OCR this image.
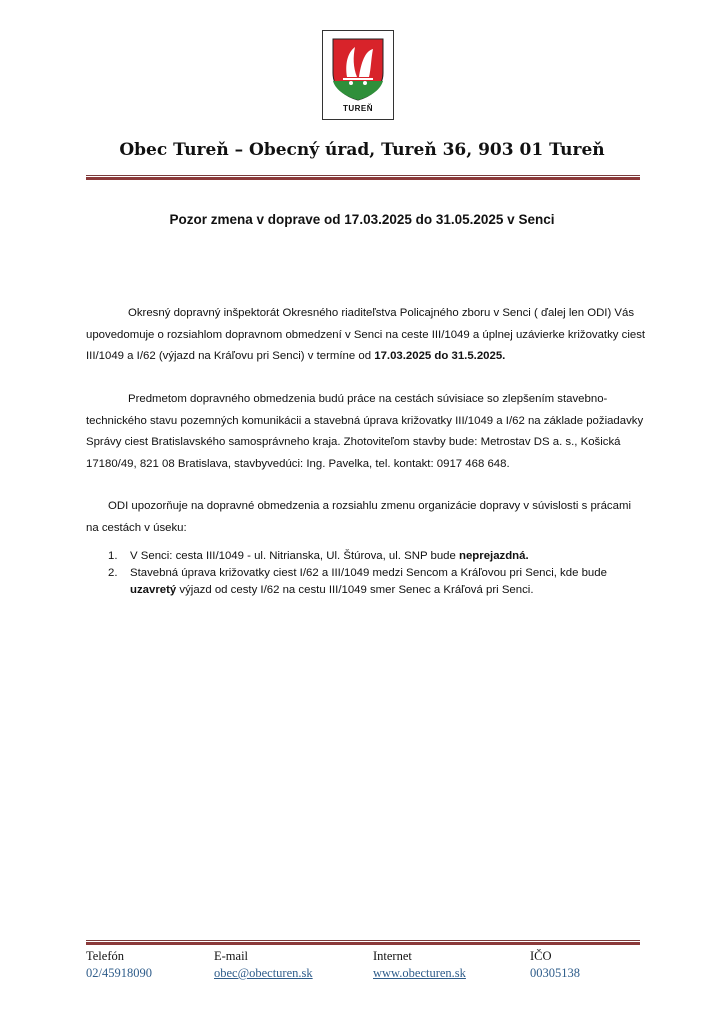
TUREŇ
Obec Tureň – Obecný úrad, Tureň 36, 903 01 Tureň
Pozor zmena v doprave od 17.03.2025 do 31.05.2025 v Senci

Okresný dopravný inšpektorát Okresného riaditeľstva Policajného zboru v Senci ( ďalej len ODI) Vás upovedomuje o rozsiahlom dopravnom obmedzení v Senci na ceste III/1049 a úplnej uzávierke križovatky ciest III/1049 a I/62 (výjazd na Kráľovu pri Senci) v termíne od 17.03.2025 do 31.5.2025.

Predmetom dopravného obmedzenia budú práce na cestách súvisiace so zlepšením stavebno-technického stavu pozemných komunikácii a stavebná úprava križovatky III/1049 a I/62 na základe požiadavky Správy ciest Bratislavského samosprávneho kraja. Zhotoviteľom stavby bude: Metrostav DS a. s., Košická 17180/49, 821 08 Bratislava, stavbyvedúci: Ing. Pavelka, tel. kontakt: 0917 468 648.

ODI upozorňuje na dopravné obmedzenia a rozsiahlu zmenu organizácie dopravy v súvislosti s prácami na cestách v úseku:

1. V Senci: cesta III/1049 - ul. Nitrianska, Ul. Štúrova, ul. SNP bude neprejazdná.
2. Stavebná úprava križovatky ciest I/62 a III/1049 medzi Sencom a Kráľovou pri Senci, kde bude uzavretý výjazd od cesty I/62 na cestu III/1049 smer Senec a Kráľová pri Senci.
Telefón
02/45918090
E-mail
obec@obecturen.sk
Internet
www.obecturen.sk
IČO
00305138
